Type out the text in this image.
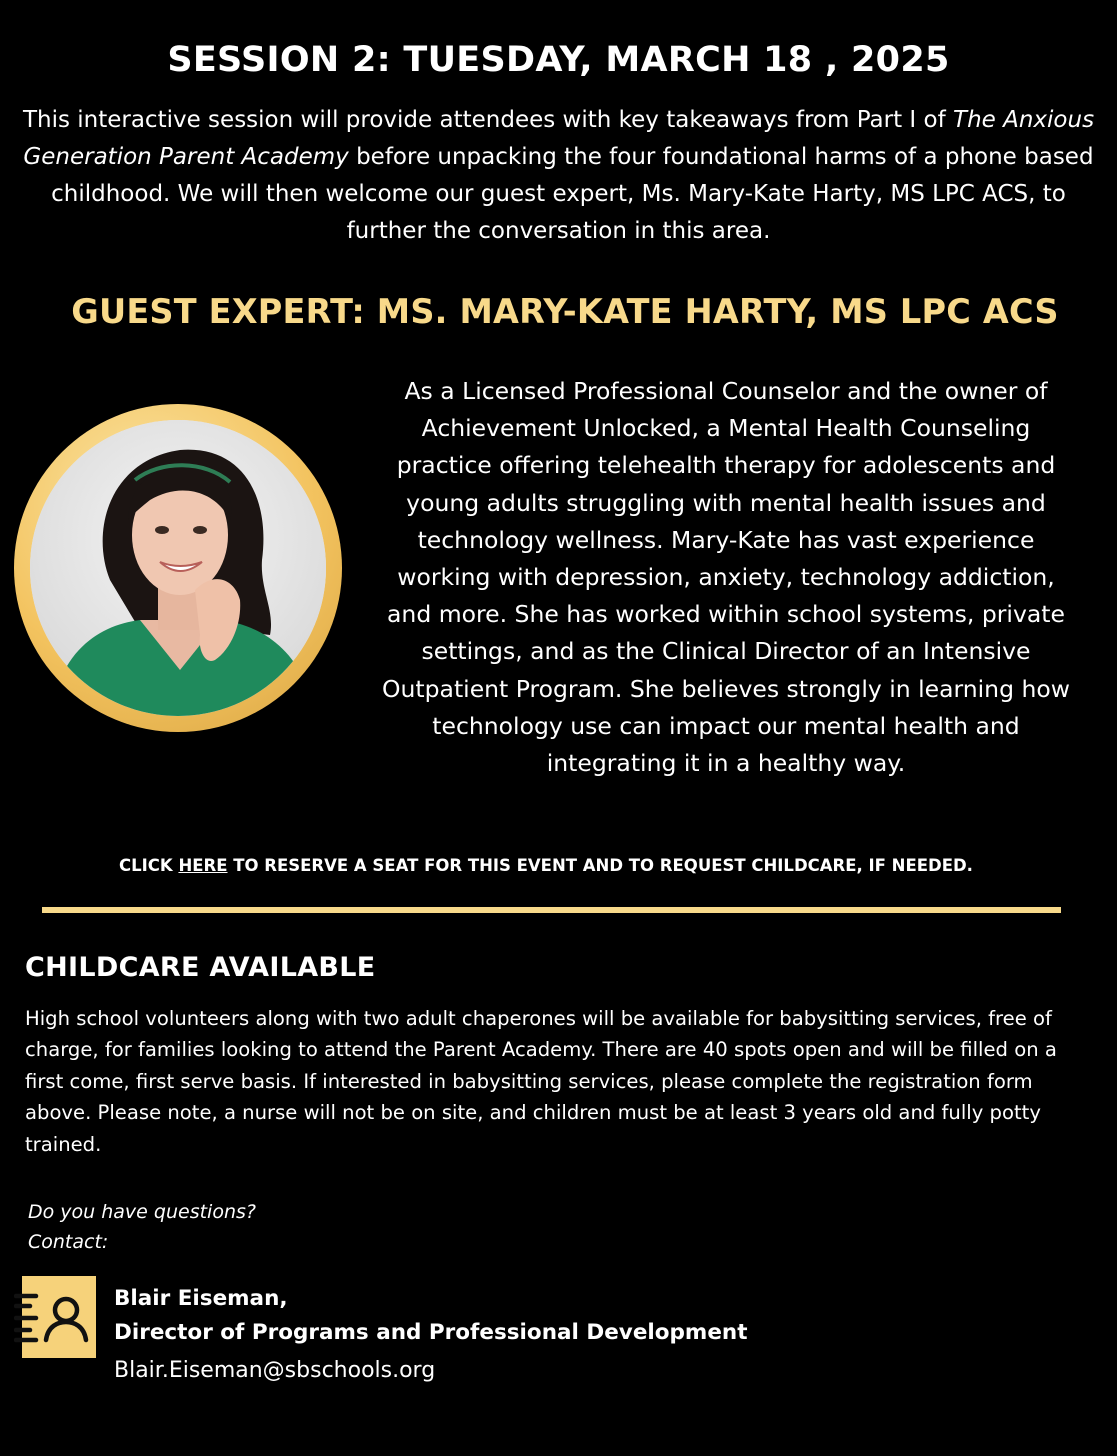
SESSION 2: TUESDAY, MARCH 18 , 2025
This interactive session will provide attendees with key takeaways from Part I of The Anxious Generation Parent Academy before unpacking the four foundational harms of a phone based childhood. We will then welcome our guest expert, Ms. Mary-Kate Harty, MS LPC ACS, to further the conversation in this area.
GUEST EXPERT: MS. MARY-KATE HARTY, MS LPC ACS
As a Licensed Professional Counselor and the owner of Achievement Unlocked, a Mental Health Counseling practice offering telehealth therapy for adolescents and young adults struggling with mental health issues and technology wellness. Mary-Kate has vast experience working with depression, anxiety, technology addiction, and more. She has worked within school systems, private settings, and as the Clinical Director of an Intensive Outpatient Program. She believes strongly in learning how technology use can impact our mental health and integrating it in a healthy way.
CLICK HERE TO RESERVE A SEAT FOR THIS EVENT AND TO REQUEST CHILDCARE, IF NEEDED.
CHILDCARE AVAILABLE
High school volunteers along with two adult chaperones will be available for babysitting services, free of charge, for families looking to attend the Parent Academy. There are 40 spots open and will be filled on a first come, first serve basis. If interested in babysitting services, please complete the registration form above. Please note, a nurse will not be on site, and children must be at least 3 years old and fully potty trained.
Do you have questions?
Contact:
Blair Eiseman,
Director of Programs and Professional Development
Blair.Eiseman@sbschools.org
